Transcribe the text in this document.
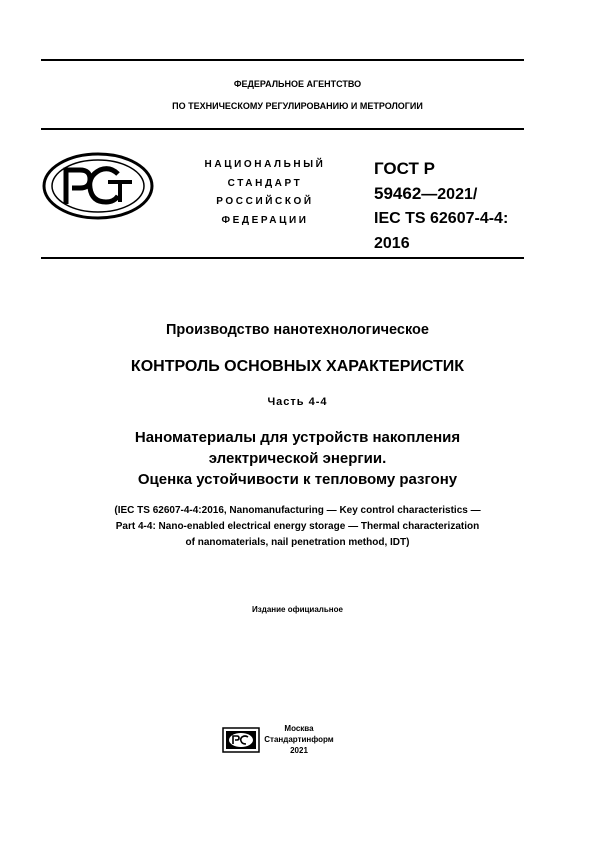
ФЕДЕРАЛЬНОЕ АГЕНТСТВО
ПО ТЕХНИЧЕСКОМУ РЕГУЛИРОВАНИЮ И МЕТРОЛОГИИ
НАЦИОНАЛЬНЫЙ
СТАНДАРТ
РОССИЙСКОЙ
ФЕДЕРАЦИИ
ГОСТ Р
59462—2021/
IEC TS 62607-4-4:
2016
Производство нанотехнологическое
КОНТРОЛЬ ОСНОВНЫХ ХАРАКТЕРИСТИК
Часть 4-4
Наноматериалы для устройств накопления
электрической энергии.
Оценка устойчивости к тепловому разгону
(IEC TS 62607-4-4:2016, Nanomanufacturing — Key control characteristics —
Part 4-4: Nano-enabled electrical energy storage — Thermal characterization
of nanomaterials, nail penetration method, IDT)
Издание официальное
Москва
Стандартинформ
2021
